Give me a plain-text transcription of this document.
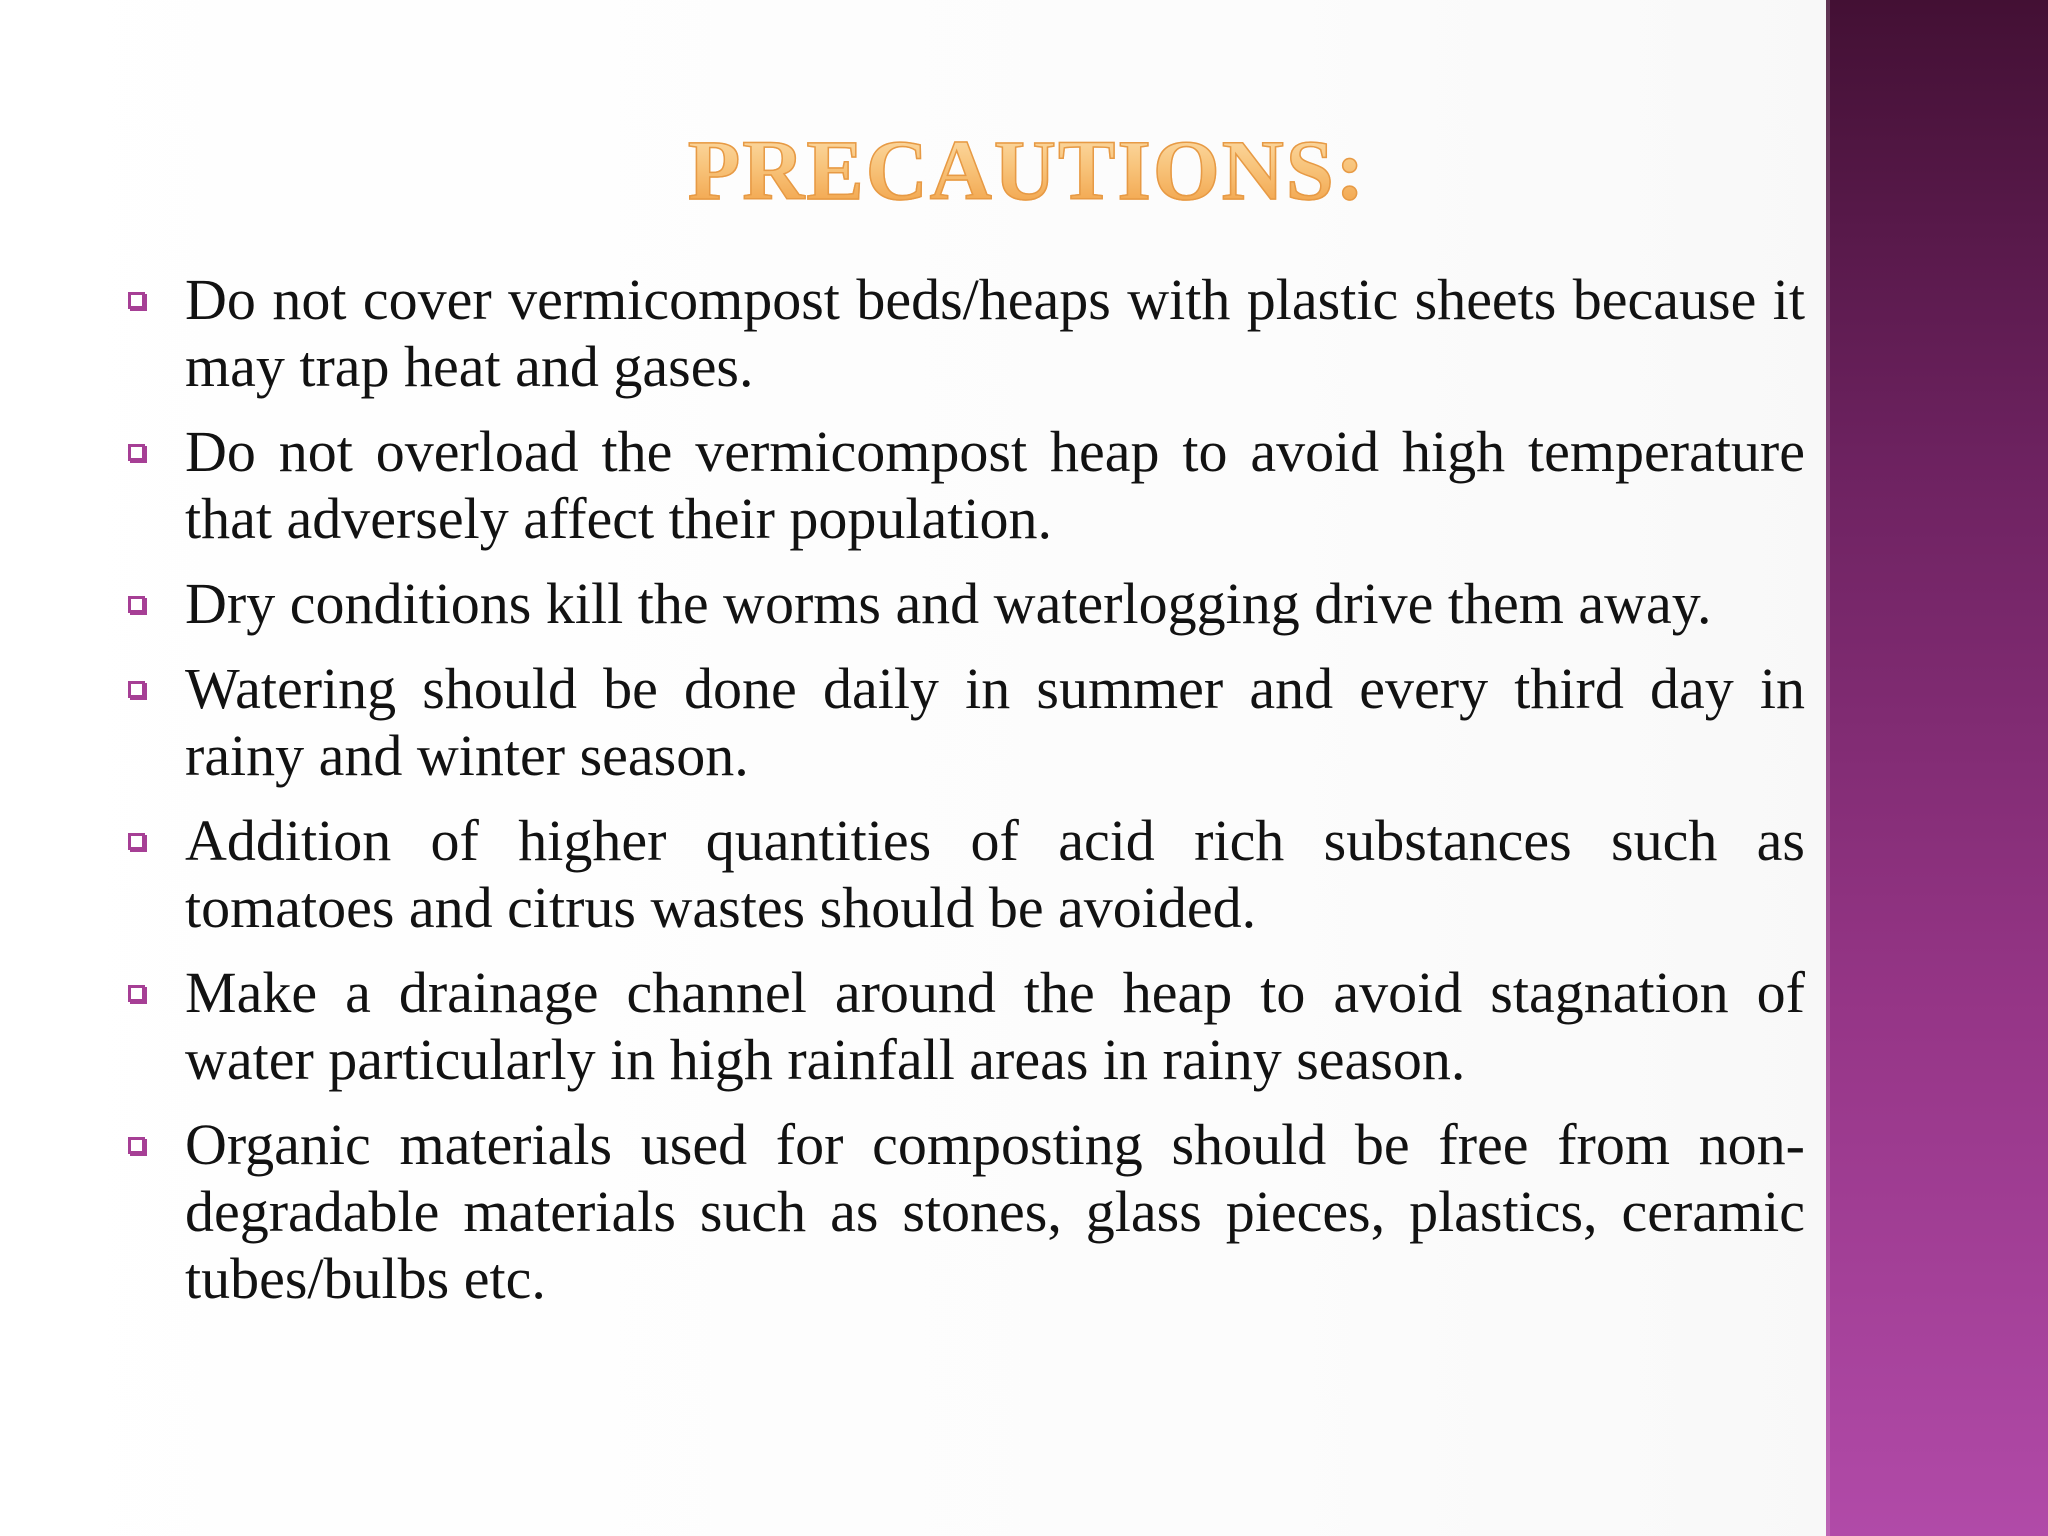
PRECAUTIONS:
Do not cover vermicompost beds/heaps with plastic sheets because it may trap heat and gases.
Do not overload the vermicompost heap to avoid high temperature that adversely affect their population.
Dry conditions kill the worms and waterlogging drive them away.
Watering should be done daily in summer and every third day in rainy and winter season.
Addition of higher quantities of acid rich substances such as tomatoes and citrus wastes should be avoided.
Make a drainage channel around the heap to avoid stagnation of water particularly in high rainfall areas in rainy season.
Organic materials used for composting should be free from non-degradable materials such as stones, glass pieces, plastics, ceramic tubes/bulbs etc.
